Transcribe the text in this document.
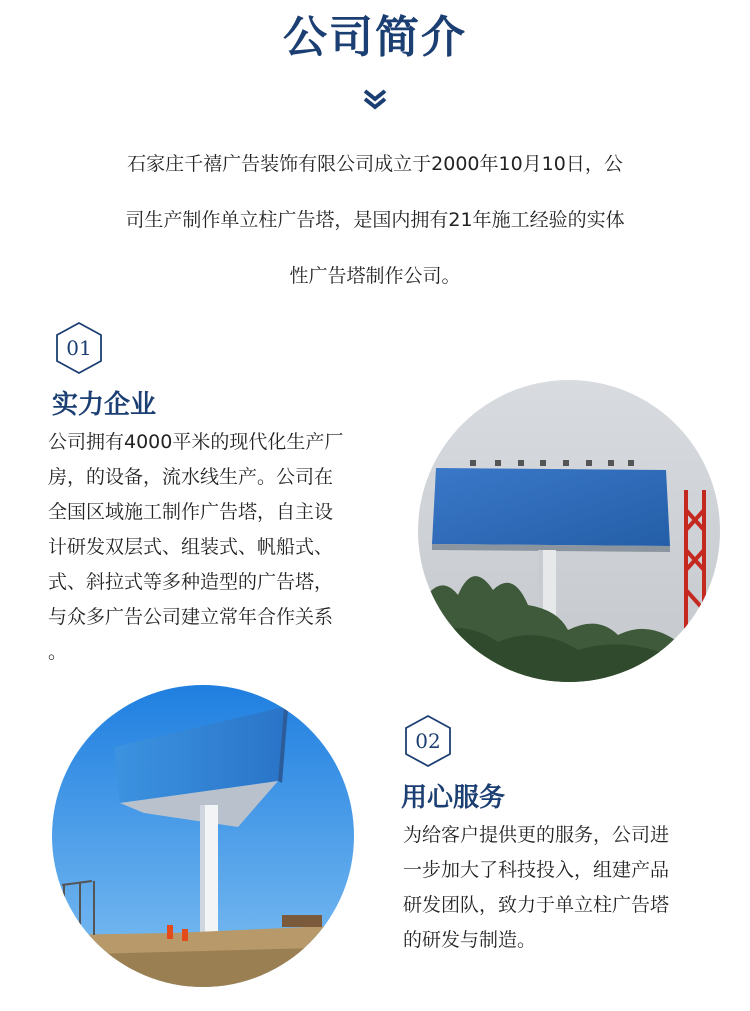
公司简介
石家庄千禧广告装饰有限公司成立于2000年10月10日，公
司生产制作单立柱广告塔，是国内拥有21年施工经验的实体
性广告塔制作公司。
01
实力企业
公司拥有4000平米的现代化生产厂
房，的设备，流水线生产。公司在
全国区域施工制作广告塔，自主设
计研发双层式、组装式、帆船式、
式、斜拉式等多种造型的广告塔，
与众多广告公司建立常年合作关系
。
02
用心服务
为给客户提供更的服务，公司进
一步加大了科技投入，组建产品
研发团队，致力于单立柱广告塔
的研发与制造。
